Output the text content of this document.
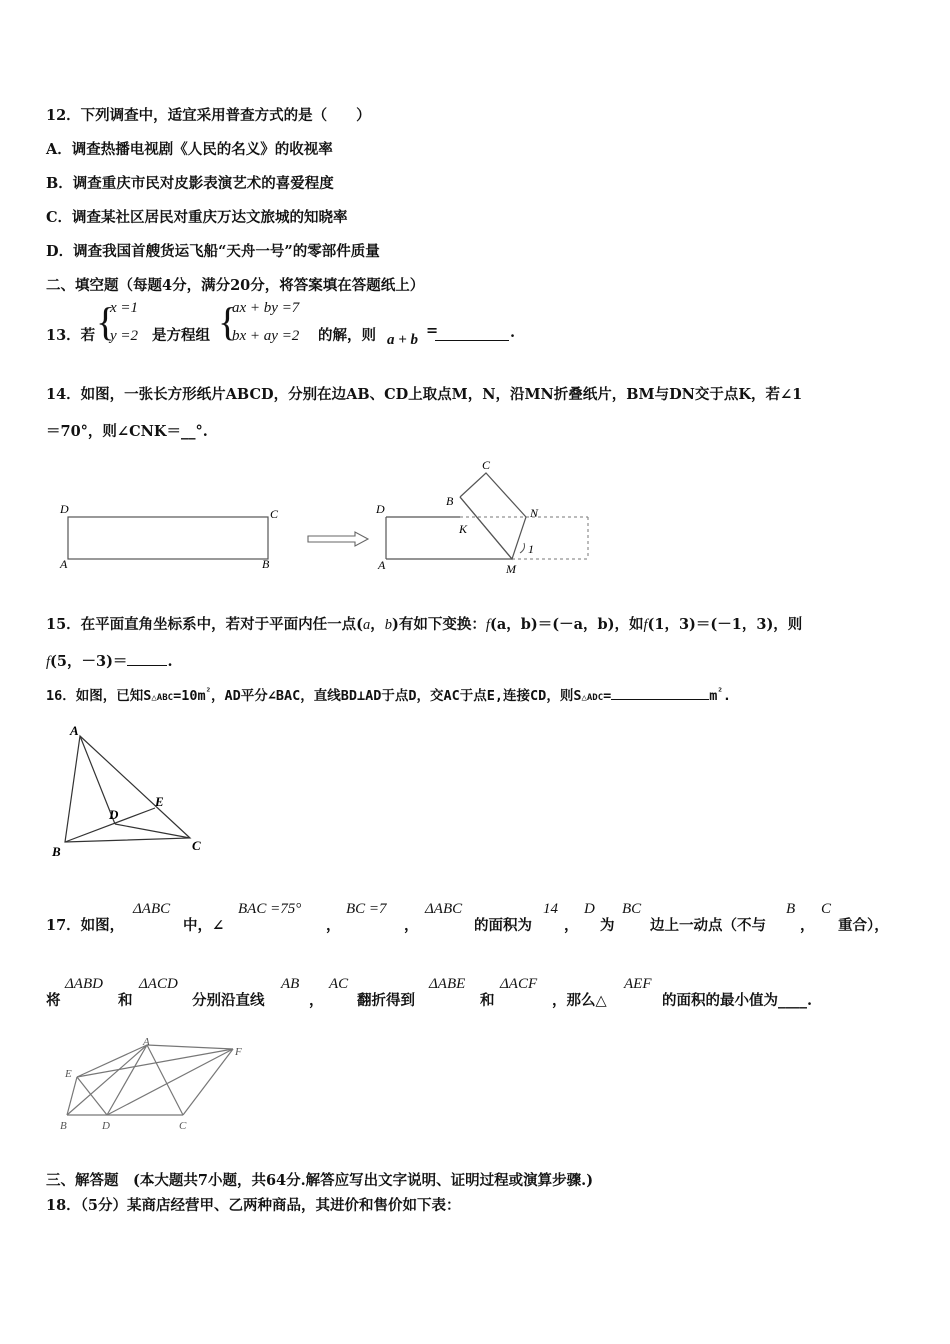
12．下列调查中，适宜采用普查方式的是（　　）
A．调查热播电视剧《人民的名义》的收视率
B．调查重庆市民对皮影表演艺术的喜爱程度
C．调查某社区居民对重庆万达文旅城的知晓率
D．调查我国首艘货运飞船“天舟一号”的零部件质量
二、填空题（每题4分，满分20分，将答案填在答题纸上）
13．若 {
x =1
y =2 是方程组 {
ax + by =7
bx + ay =2 的解，则 a + b
=	.
14．如图，一张长方形纸片ABCD，分别在边AB、CD上取点M，N，沿MN折叠纸片，BM与DN交于点K，若∠1
＝70°，则∠CNK＝__°.
D	C
A	B
C
B
N
K
D
A	M
1
15．在平面直角坐标系中，若对于平面内任一点(a，b)有如下变换：f(a，b)＝(－a，b)，如f(1，3)＝(－1，3)，则
f(5，－3)＝	.
16．如图，已知$S\triangle ABC=10m^{^2}$，AD平分∠BAC，直线BD⊥AD于点D，交AC于点E,连接CD，则S△ADC=	$m^{^2}$.
A
B	C
D
E
17．如图，
ΔABC
中，∠
BAC =75°
，
BC =7
，
ΔABC
的面积为
14
，
D
为
BC
边上一动点（不与
B
，
C
重合），
将
ΔABD
和
ΔACD
分别沿直线
AB
，
AC
翻折得到
ΔABE
和
ΔACF
，那么△
AEF
的面积的最小值为____.
A
E
F
B	D	C
三、解答题　(本大题共7小题，共64分.解答应写出文字说明、证明过程或演算步骤.)
18．（5分）某商店经营甲、乙两种商品，其进价和售价如下表：
